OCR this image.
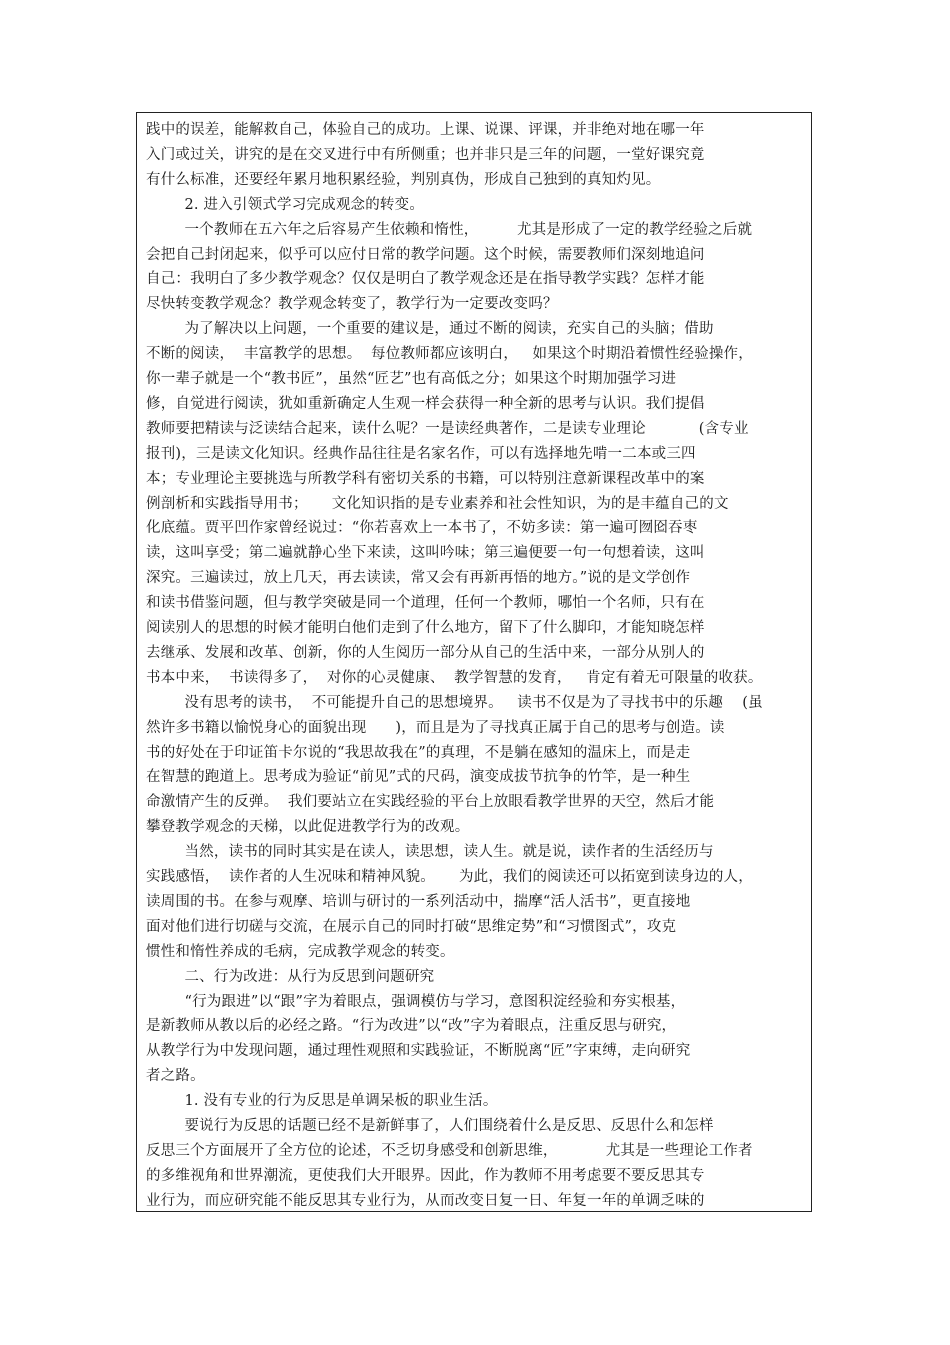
践中的误差，能解救自己，体验自己的成功。上课、说课、评课，并非绝对地在哪一年
入门或过关，讲究的是在交叉进行中有所侧重；也并非只是三年的问题，一堂好课究竟
有什么标准，还要经年累月地积累经验，判别真伪，形成自己独到的真知灼见。
2. 进入引领式学习完成观念的转变。
一个教师在五六年之后容易产生依赖和惰性，        尤其是形成了一定的教学经验之后就
会把自己封闭起来，似乎可以应付日常的教学问题。这个时候，需要教师们深刻地追问
自己：我明白了多少教学观念？仅仅是明白了教学观念还是在指导教学实践？怎样才能
尽快转变教学观念？教学观念转变了，教学行为一定要改变吗？
为了解决以上问题，一个重要的建议是，通过不断的阅读，充实自己的头脑；借助
不断的阅读，  丰富教学的思想。  每位教师都应该明白，   如果这个时期沿着惯性经验操作，
你一辈子就是一个“教书匠”，虽然“匠艺”也有高低之分；如果这个时期加强学习进
修，自觉进行阅读，犹如重新确定人生观一样会获得一种全新的思考与认识。我们提倡
教师要把精读与泛读结合起来，读什么呢？一是读经典著作，二是读专业理论           (含专业
报刊)，三是读文化知识。经典作品往往是名家名作，可以有选择地先啃一二本或三四
本；专业理论主要挑选与所教学科有密切关系的书籍，可以特别注意新课程改革中的案
例剖析和实践指导用书；     文化知识指的是专业素养和社会性知识，为的是丰蕴自己的文
化底蕴。贾平凹作家曾经说过：“你若喜欢上一本书了，不妨多读：第一遍可囫囵吞枣
读，这叫享受；第二遍就静心坐下来读，这叫吟味；第三遍便要一句一句想着读，这叫
深究。三遍读过，放上几天，再去读读，常又会有再新再悟的地方。”说的是文学创作
和读书借鉴问题，但与教学突破是同一个道理，任何一个教师，哪怕一个名师，只有在
阅读别人的思想的时候才能明白他们走到了什么地方，留下了什么脚印，才能知晓怎样
去继承、发展和改革、创新，你的人生阅历一部分从自己的生活中来，一部分从别人的
书本中来，  书读得多了，  对你的心灵健康、  教学智慧的发育，   肯定有着无可限量的收获。
没有思考的读书，  不可能提升自己的思想境界。   读书不仅是为了寻找书中的乐趣    (虽
然许多书籍以愉悦身心的面貌出现      )，而且是为了寻找真正属于自己的思考与创造。读
书的好处在于印证笛卡尔说的“我思故我在”的真理，不是躺在感知的温床上，而是走
在智慧的跑道上。思考成为验证“前见”式的尺码，演变成拔节抗争的竹竿，是一种生
命激情产生的反弹。  我们要站立在实践经验的平台上放眼看教学世界的天空，然后才能
攀登教学观念的天梯，以此促进教学行为的改观。
当然，读书的同时其实是在读人，读思想，读人生。就是说，读作者的生活经历与
实践感悟，  读作者的人生况味和精神风貌。     为此，我们的阅读还可以拓宽到读身边的人，
读周围的书。在参与观摩、培训与研讨的一系列活动中，揣摩“活人活书”，更直接地
面对他们进行切磋与交流，在展示自己的同时打破“思维定势”和“习惯图式”，攻克
惯性和惰性养成的毛病，完成教学观念的转变。
二、行为改进：从行为反思到问题研究
“行为跟进”以“跟”字为着眼点，强调模仿与学习，意图积淀经验和夯实根基，
是新教师从教以后的必经之路。“行为改进”以“改”字为着眼点，注重反思与研究，
从教学行为中发现问题，通过理性观照和实践验证，不断脱离“匠”字束缚，走向研究
者之路。
1. 没有专业的行为反思是单调呆板的职业生活。
要说行为反思的话题已经不是新鲜事了，人们围绕着什么是反思、反思什么和怎样
反思三个方面展开了全方位的论述，不乏切身感受和创新思维，          尤其是一些理论工作者
的多维视角和世界潮流，更使我们大开眼界。因此，作为教师不用考虑要不要反思其专
业行为，而应研究能不能反思其专业行为，从而改变日复一日、年复一年的单调乏味的
